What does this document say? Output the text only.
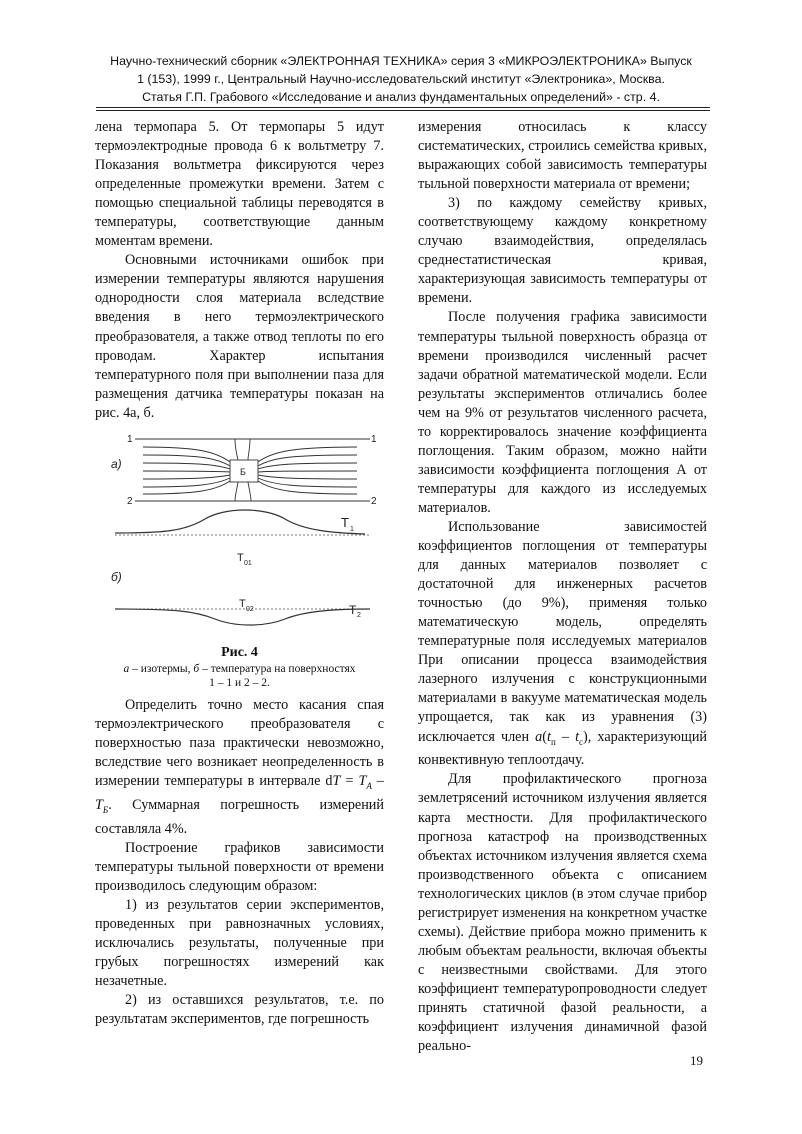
Научно-технический сборник «ЭЛЕКТРОННАЯ ТЕХНИКА» серия 3 «МИКРОЭЛЕКТРОНИКА» Выпуск
1 (153), 1999 г., Центральный Научно-исследовательский институт «Электроника», Москва.
Статья Г.П. Грабового «Исследование и анализ фундаментальных определений» - стр. 4.

лена термопара 5. От термопары 5 идут термоэлектродные провода 6 к вольтметру 7. Показания вольтметра фиксируются через определенные промежутки времени. Затем с помощью специальной таблицы переводятся в температуры, соответствующие данным моментам времени.

Основными источниками ошибок при измерении температуры являются нарушения однородности слоя материала вследствие введения в него термоэлектрического преобразователя, а также отвод теплоты по его проводам. Характер испытания температурного поля при выполнении паза для размещения датчика температуры показан на рис. 4а, б.

1	1
2	2
а)
Б
T 1
T 01
б)
T 02	T 2
Рис. 4
а – изотермы, б – температура на поверхностях
1 – 1 и 2 – 2.

Определить точно место касания спая термоэлектрического преобразователя с поверхностью паза практически невозможно, вследствие чего возникает неопределенность в измерении температуры в интервале dT = $T_A - T_Б$. Суммарная погрешность измерений составляла 4%.

Построение графиков зависимости температуры тыльной поверхности от времени производилось следующим образом:

1) из результатов серии экспериментов, проведенных при равнозначных условиях, исключались результаты, полученные при грубых погрешностях измерений как незачетные.

2) из оставшихся результатов, т.е. по результатам экспериментов, где погрешность

измерения относилась к классу систематических, строились семейства кривых, выражающих собой зависимость температуры тыльной поверхности материала от времени;

3) по каждому семейству кривых, соответствующему каждому конкретному случаю взаимодействия, определялась среднестатистическая кривая, характеризующая зависимость температуры от времени.

После получения графика зависимости температуры тыльной поверхность образца от времени производился численный расчет задачи обратной математической модели. Если результаты экспериментов отличались более чем на 9% от результатов численного расчета, то корректировалось значение коэффициента поглощения. Таким образом, можно найти зависимости коэффициента поглощения А от температуры для каждого из исследуемых материалов.

Использование зависимостей коэффициентов поглощения от температуры для данных материалов позволяет с достаточной для инженерных расчетов точностью (до 9%), применяя только математическую модель, определять температурные поля исследуемых материалов При описании процесса взаимодействия лазерного излучения с конструкционными материалами в вакууме математическая модель упрощается, так как из уравнения (3) исключается член $a(t_п - t_с)$, характеризующий конвективную теплоотдачу.

Для профилактического прогноза землетрясений источником излучения является карта местности. Для профилактического прогноза катастроф на производственных объектах источником излучения является схема производственного объекта с описанием технологических циклов (в этом случае прибор регистрирует изменения на конкретном участке схемы). Действие прибора можно применить к любым объектам реальности, включая объекты с неизвестными свойствами. Для этого коэффициент температуропроводности следует принять статичной фазой реальности, а коэффициент излучения динамичной фазой реально-

19
